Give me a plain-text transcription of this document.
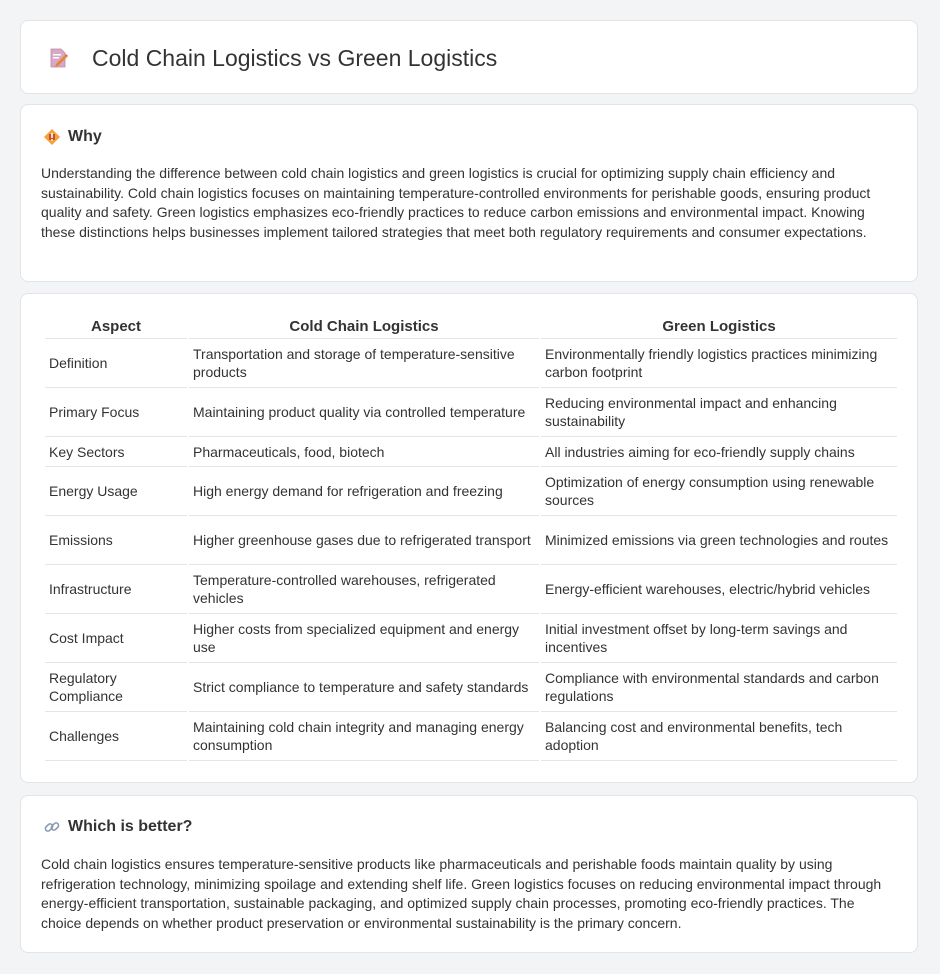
Cold Chain Logistics vs Green Logistics
Why

Understanding the difference between cold chain logistics and green logistics is crucial for optimizing supply chain efficiency and sustainability. Cold chain logistics focuses on maintaining temperature-controlled environments for perishable goods, ensuring product quality and safety. Green logistics emphasizes eco-friendly practices to reduce carbon emissions and environmental impact. Knowing these distinctions helps businesses implement tailored strategies that meet both regulatory requirements and consumer expectations.

Aspect	Cold Chain Logistics	Green Logistics
Definition	Transportation and storage of temperature-sensitive products	Environmentally friendly logistics practices minimizing carbon footprint
Primary Focus	Maintaining product quality via controlled temperature	Reducing environmental impact and enhancing sustainability
Key Sectors	Pharmaceuticals, food, biotech	All industries aiming for eco-friendly supply chains
Energy Usage	High energy demand for refrigeration and freezing	Optimization of energy consumption using renewable sources
Emissions	Higher greenhouse gases due to refrigerated transport	Minimized emissions via green technologies and routes
Infrastructure	Temperature-controlled warehouses, refrigerated vehicles	Energy-efficient warehouses, electric/hybrid vehicles
Cost Impact	Higher costs from specialized equipment and energy use	Initial investment offset by long-term savings and incentives
Regulatory Compliance	Strict compliance to temperature and safety standards	Compliance with environmental standards and carbon regulations
Challenges	Maintaining cold chain integrity and managing energy consumption	Balancing cost and environmental benefits, tech adoption
Which is better?

Cold chain logistics ensures temperature-sensitive products like pharmaceuticals and perishable foods maintain quality by using refrigeration technology, minimizing spoilage and extending shelf life. Green logistics focuses on reducing environmental impact through energy-efficient transportation, sustainable packaging, and optimized supply chain processes, promoting eco-friendly practices. The choice depends on whether product preservation or environmental sustainability is the primary concern.
